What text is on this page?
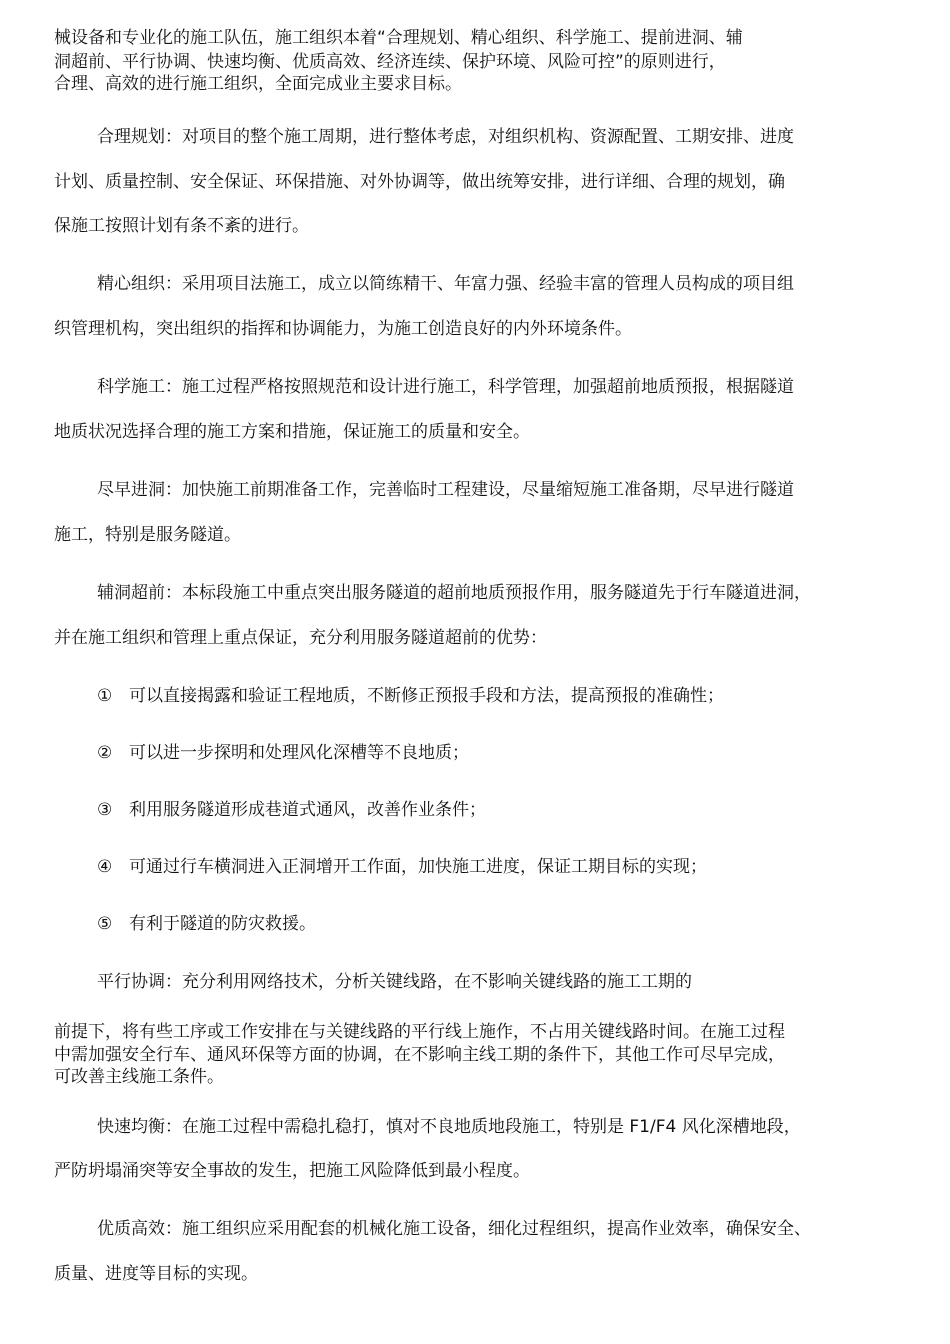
械设备和专业化的施工队伍，施工组织本着“合理规划、精心组织、科学施工、提前进洞、辅

洞超前、平行协调、快速均衡、优质高效、经济连续、保护环境、风险可控”的原则进行，

合理、高效的进行施工组织，全面完成业主要求目标。

合理规划：对项目的整个施工周期，进行整体考虑，对组织机构、资源配置、工期安排、进度

计划、质量控制、安全保证、环保措施、对外协调等，做出统筹安排，进行详细、合理的规划，确

保施工按照计划有条不紊的进行。

精心组织：采用项目法施工，成立以简练精干、年富力强、经验丰富的管理人员构成的项目组

织管理机构，突出组织的指挥和协调能力，为施工创造良好的内外环境条件。

科学施工：施工过程严格按照规范和设计进行施工，科学管理，加强超前地质预报，根据隧道

地质状况选择合理的施工方案和措施，保证施工的质量和安全。

尽早进洞：加快施工前期准备工作，完善临时工程建设，尽量缩短施工准备期，尽早进行隧道

施工，特别是服务隧道。

辅洞超前：本标段施工中重点突出服务隧道的超前地质预报作用，服务隧道先于行车隧道进洞，

并在施工组织和管理上重点保证，充分利用服务隧道超前的优势：

① 可以直接揭露和验证工程地质，不断修正预报手段和方法，提高预报的准确性；

② 可以进一步探明和处理风化深槽等不良地质；

③ 利用服务隧道形成巷道式通风，改善作业条件；

④ 可通过行车横洞进入正洞增开工作面，加快施工进度，保证工期目标的实现；

⑤ 有利于隧道的防灾救援。

平行协调：充分利用网络技术，分析关键线路，在不影响关键线路的施工工期的

前提下，将有些工序或工作安排在与关键线路的平行线上施作，不占用关键线路时间。在施工过程

中需加强安全行车、通风环保等方面的协调，在不影响主线工期的条件下，其他工作可尽早完成，

可改善主线施工条件。

快速均衡：在施工过程中需稳扎稳打，慎对不良地质地段施工，特别是 F1/F4 风化深槽地段，

严防坍塌涌突等安全事故的发生，把施工风险降低到最小程度。

优质高效：施工组织应采用配套的机械化施工设备，细化过程组织，提高作业效率，确保安全、

质量、进度等目标的实现。
